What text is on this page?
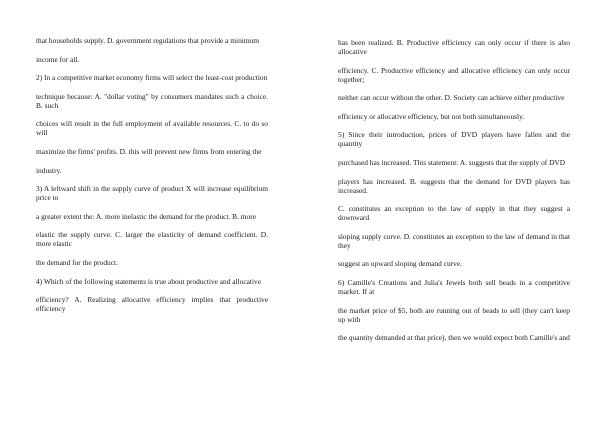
that households supply. D. government regulations that provide a minimum

income for all.

2) In a competitive market economy firms will select the least-cost production

technique because: A. "dollar voting" by consumers mandates such a choice. B. such

choices will result in the full employment of available resources. C. to do so will

maximize the firms' profits. D. this will prevent new firms from entering the

industry.

3) A leftward shift in the supply curve of product X will increase equilibrium price to

a greater extent the: A. more inelastic the demand for the product. B. more

elastic the supply curve. C. larger the elasticity of demand coefficient. D. more elastic

the demand for the product.

4) Which of the following statements is true about productive and allocative

efficiency? A. Realizing allocative efficiency implies that productive efficiency

has been realized. B. Productive efficiency can only occur if there is also allocative

efficiency. C. Productive efficiency and allocative efficiency can only occur together;

neither can occur without the other. D. Society can achieve either productive

efficiency or allocative efficiency, but not both simultaneously.

5) Since their introduction, prices of DVD players have fallen and the quantity

purchased has increased. This statement: A. suggests that the supply of DVD

players has increased. B. suggests that the demand for DVD players has increased.

C. constitutes an exception to the law of supply in that they suggest a downward

sloping supply curve. D. constitutes an exception to the law of demand in that they

suggest an upward sloping demand curve.

6) Camille's Creations and Julia's Jewels both sell beads in a competitive market. If at

the market price of $5, both are running out of beads to sell (they can't keep up with

the quantity demanded at that price), then we would expect both Camille's and
